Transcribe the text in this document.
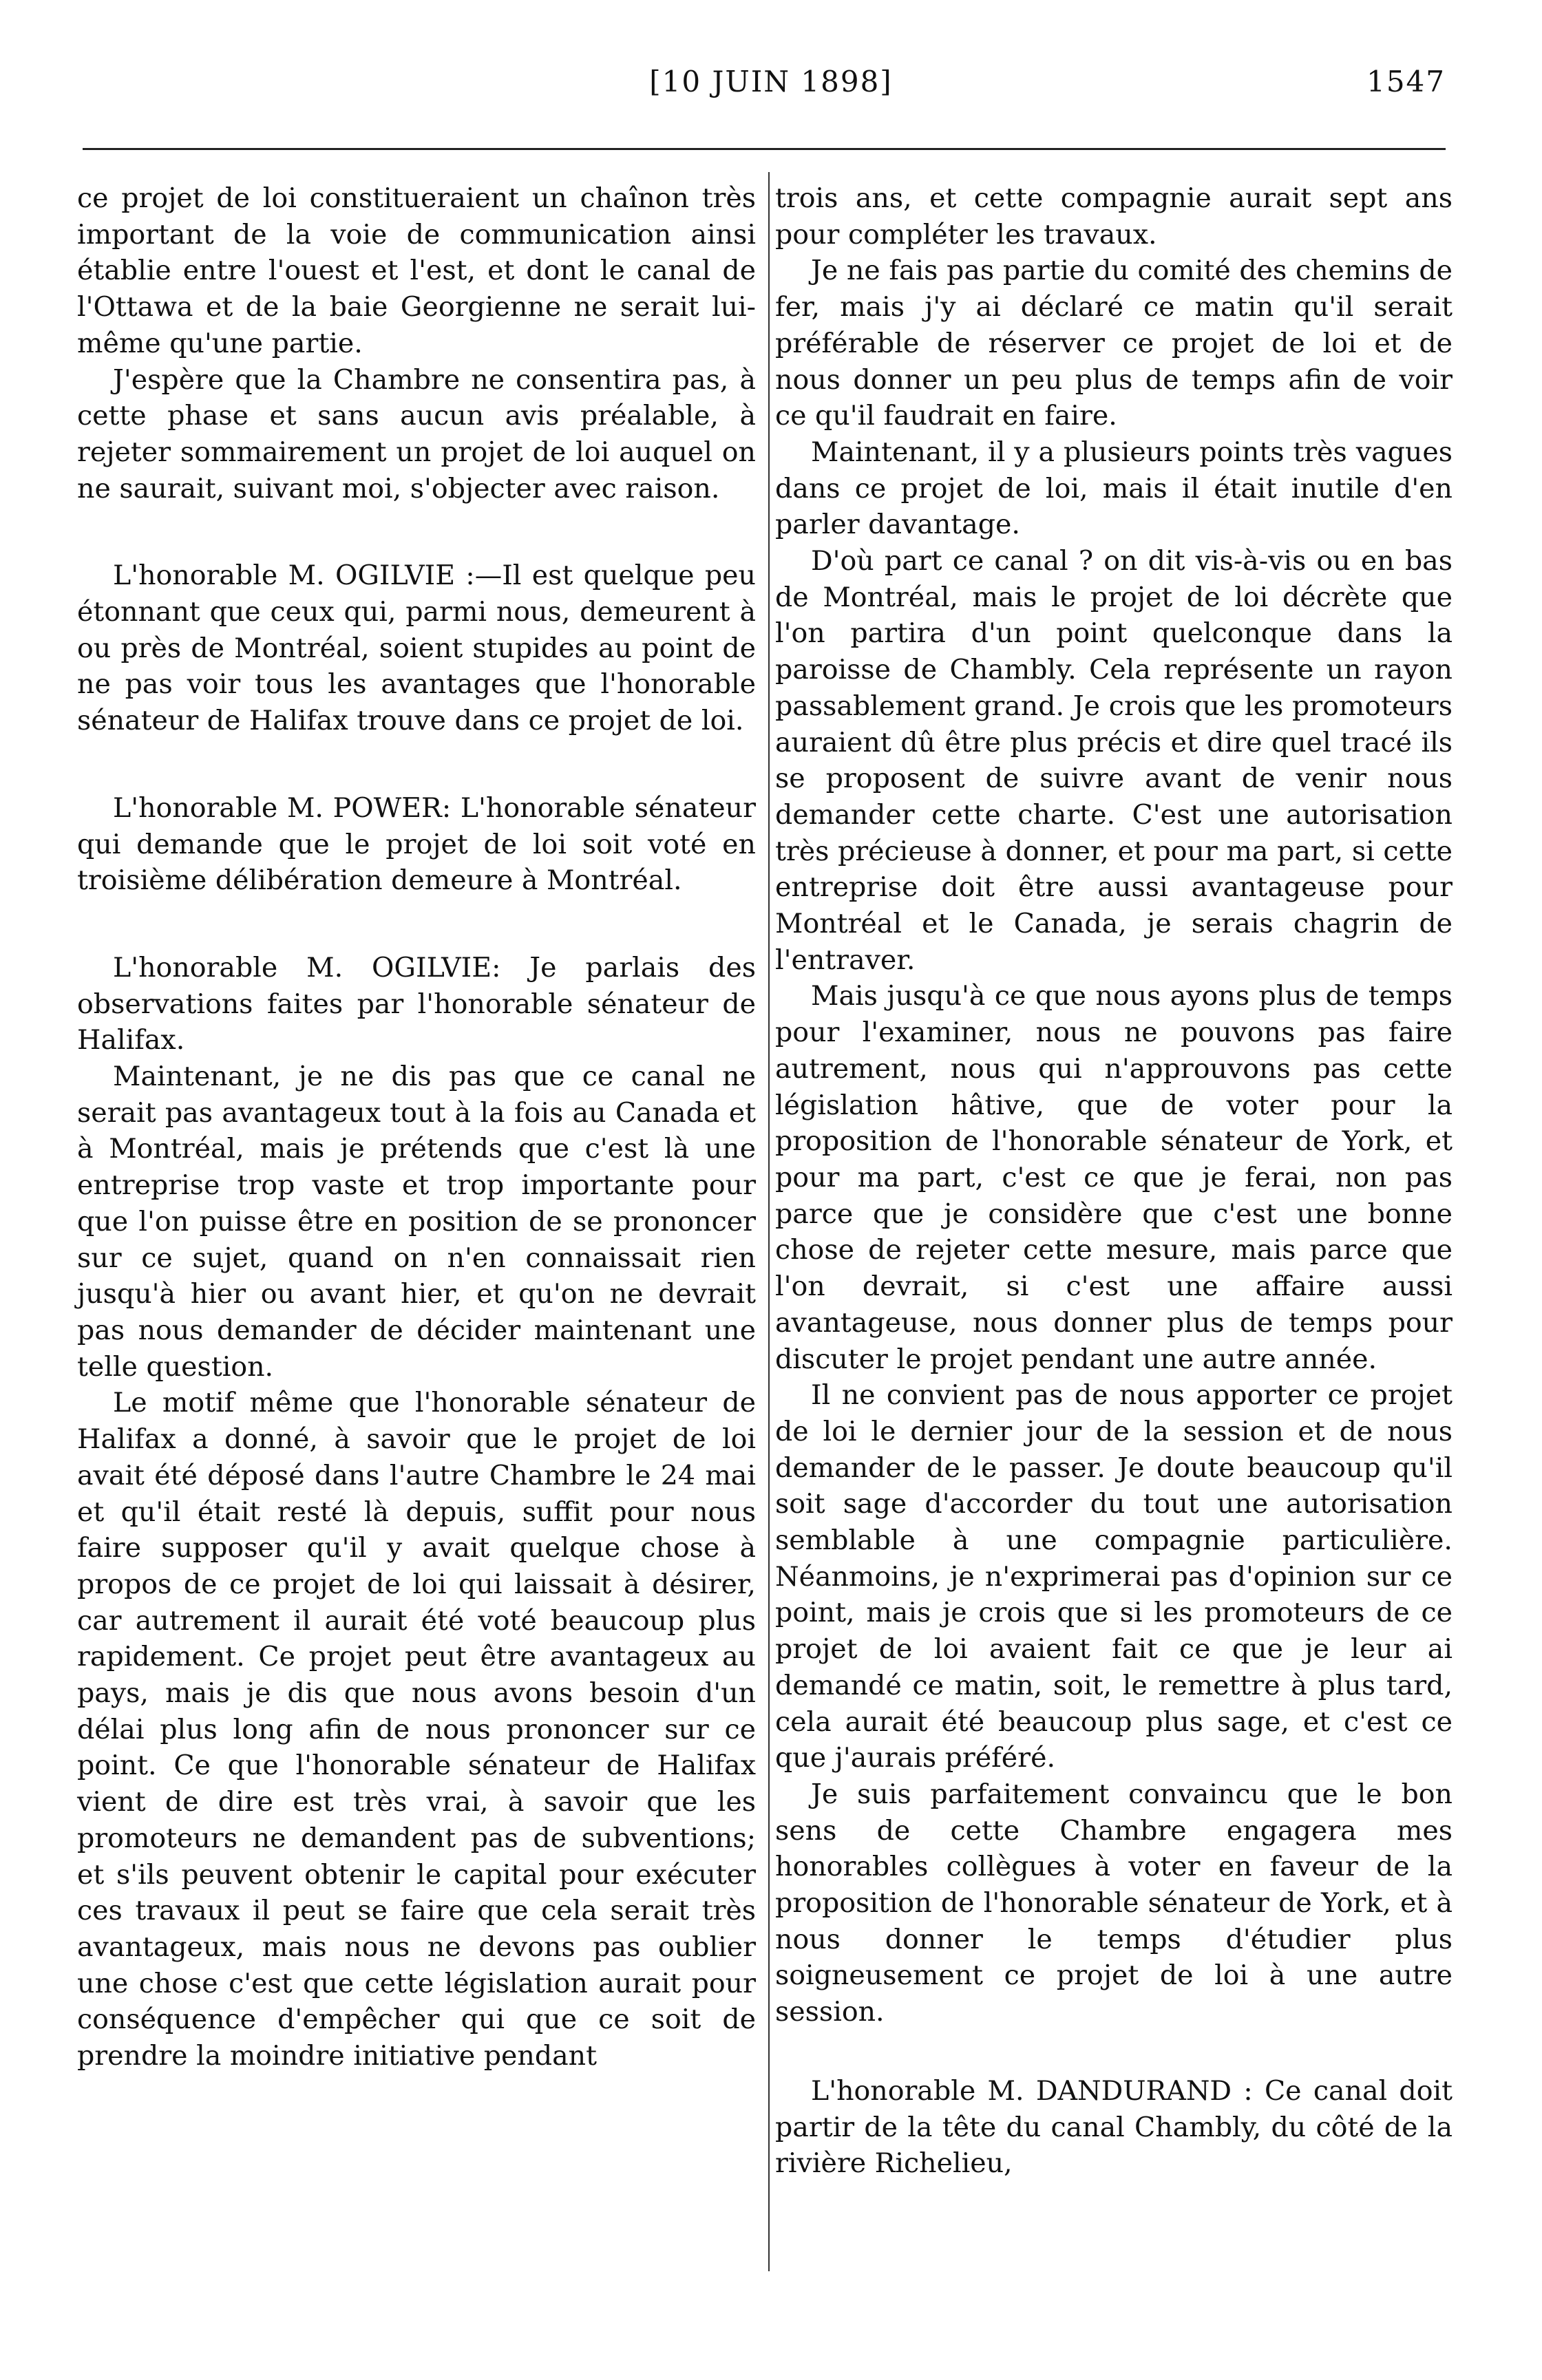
[10 JUIN 1898]	1547

ce projet de loi constitueraient un chaînon très important de la voie de communication ainsi établie entre l'ouest et l'est, et dont le canal de l'Ottawa et de la baie Georgienne ne serait lui-même qu'une partie.

J'espère que la Chambre ne consentira pas, à cette phase et sans aucun avis préalable, à rejeter sommairement un projet de loi auquel on ne saurait, suivant moi, s'objecter avec raison.

L'honorable M. OGILVIE :—Il est quelque peu étonnant que ceux qui, parmi nous, demeurent à ou près de Montréal, soient stupides au point de ne pas voir tous les avantages que l'honorable sénateur de Halifax trouve dans ce projet de loi.

L'honorable M. POWER: L'honorable sénateur qui demande que le projet de loi soit voté en troisième délibération demeure à Montréal.

L'honorable M. OGILVIE: Je parlais des observations faites par l'honorable sénateur de Halifax.

Maintenant, je ne dis pas que ce canal ne serait pas avantageux tout à la fois au Canada et à Montréal, mais je prétends que c'est là une entreprise trop vaste et trop importante pour que l'on puisse être en position de se prononcer sur ce sujet, quand on n'en connaissait rien jusqu'à hier ou avant hier, et qu'on ne devrait pas nous demander de décider maintenant une telle question.

Le motif même que l'honorable sénateur de Halifax a donné, à savoir que le projet de loi avait été déposé dans l'autre Chambre le 24 mai et qu'il était resté là depuis, suffit pour nous faire supposer qu'il y avait quelque chose à propos de ce projet de loi qui laissait à désirer, car autrement il aurait été voté beaucoup plus rapidement. Ce projet peut être avantageux au pays, mais je dis que nous avons besoin d'un délai plus long afin de nous prononcer sur ce point. Ce que l'honorable sénateur de Halifax vient de dire est très vrai, à savoir que les promoteurs ne demandent pas de subventions; et s'ils peuvent obtenir le capital pour exécuter ces travaux il peut se faire que cela serait très avantageux, mais nous ne devons pas oublier une chose c'est que cette législation aurait pour conséquence d'empêcher qui que ce soit de prendre la moindre initiative pendant

trois ans, et cette compagnie aurait sept ans pour compléter les travaux.

Je ne fais pas partie du comité des chemins de fer, mais j'y ai déclaré ce matin qu'il serait préférable de réserver ce projet de loi et de nous donner un peu plus de temps afin de voir ce qu'il faudrait en faire.

Maintenant, il y a plusieurs points très vagues dans ce projet de loi, mais il était inutile d'en parler davantage.

D'où part ce canal ? on dit vis-à-vis ou en bas de Montréal, mais le projet de loi décrète que l'on partira d'un point quelconque dans la paroisse de Chambly. Cela représente un rayon passablement grand. Je crois que les promoteurs auraient dû être plus précis et dire quel tracé ils se proposent de suivre avant de venir nous demander cette charte. C'est une autorisation très précieuse à donner, et pour ma part, si cette entreprise doit être aussi avantageuse pour Montréal et le Canada, je serais chagrin de l'entraver.

Mais jusqu'à ce que nous ayons plus de temps pour l'examiner, nous ne pouvons pas faire autrement, nous qui n'approuvons pas cette législation hâtive, que de voter pour la proposition de l'honorable sénateur de York, et pour ma part, c'est ce que je ferai, non pas parce que je considère que c'est une bonne chose de rejeter cette mesure, mais parce que l'on devrait, si c'est une affaire aussi avantageuse, nous donner plus de temps pour discuter le projet pendant une autre année.

Il ne convient pas de nous apporter ce projet de loi le dernier jour de la session et de nous demander de le passer. Je doute beaucoup qu'il soit sage d'accorder du tout une autorisation semblable à une compagnie particulière. Néanmoins, je n'exprimerai pas d'opinion sur ce point, mais je crois que si les promoteurs de ce projet de loi avaient fait ce que je leur ai demandé ce matin, soit, le remettre à plus tard, cela aurait été beaucoup plus sage, et c'est ce que j'aurais préféré.

Je suis parfaitement convaincu que le bon sens de cette Chambre engagera mes honorables collègues à voter en faveur de la proposition de l'honorable sénateur de York, et à nous donner le temps d'étudier plus soigneusement ce projet de loi à une autre session.

L'honorable M. DANDURAND : Ce canal doit partir de la tête du canal Chambly, du côté de la rivière Richelieu,
